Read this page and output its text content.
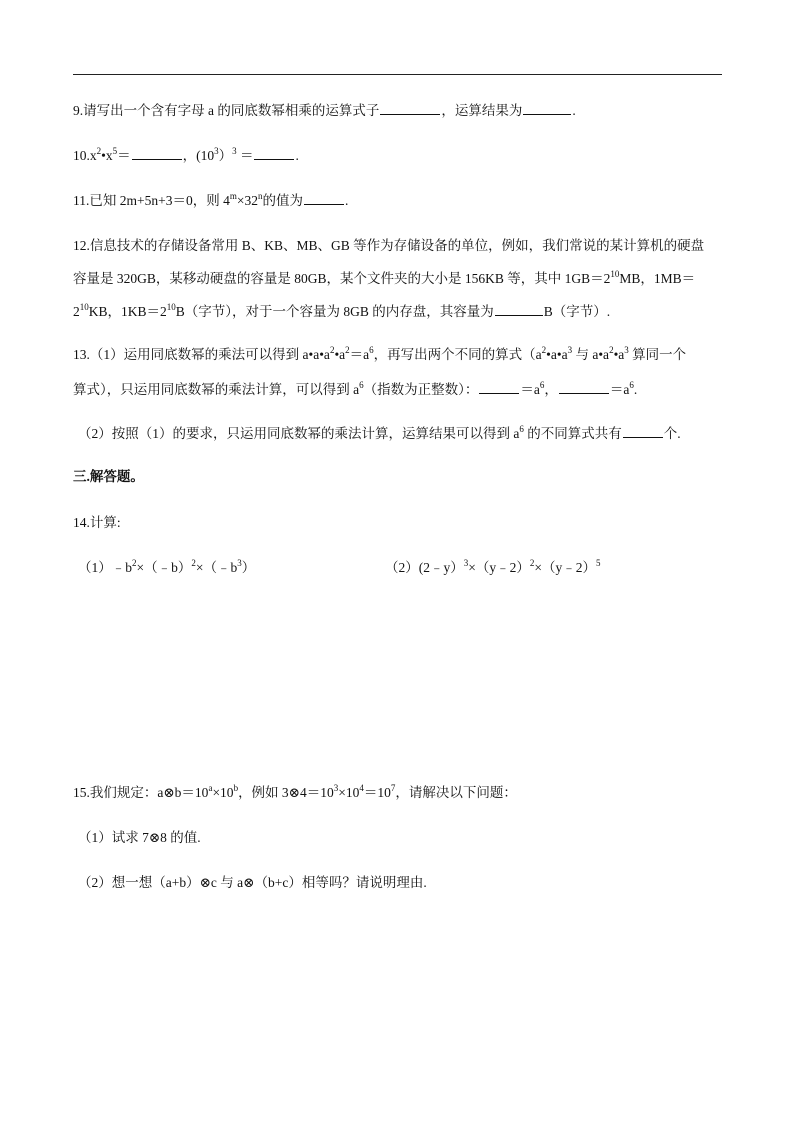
9.请写出一个含有字母 a 的同底数幂相乘的运算式子	，运算结果为	.
$10.x^2•x^5=$	，$(10^3)^3$ ＝	.
11.已知 2m+5n+3＝0，则 $4^m\times 32^n$的值为	.
12.信息技术的存储设备常用 B、KB、MB、GB 等作为存储设备的单位，例如，我们常说的某计算机的硬盘
容量是 320GB，某移动硬盘的容量是 80GB，某个文件夹的大小是 156KB 等，其中 $1GB=2^{10}MB$，1MB＝
$2^{10}KB$，$1KB=2^{10}B$（字节），对于一个容量为 8GB 的内存盘，其容量为	B（字节）.
13.（1）运用同底数幂的乘法可以得到 $a•a•a^2•a^2=a^6$，再写出两个不同的算式（$a^2•a•a^3$ 与 $a•a^2•a^3$ 算同一个
算式），只运用同底数幂的乘法计算，可以得到 $a^6$（指数为正整数）：	$=a^6$，	$=a^6$.
（2）按照（1）的要求，只运用同底数幂的乘法计算，运算结果可以得到 $a^6$ 的不同算式共有	个.
三.解答题。
14.计算:
$(1)﹣b^2\times(﹣b)^2\times(﹣b^3)$	（2）(2﹣y）$^3$×（y﹣2）$^2$×（y﹣2）$^5$
15.我们规定：$a\otimes b=10^a\times 10^b$，例如 $3\otimes 4=10^3\times 10^4=10^7$，请解决以下问题：
（1）试求 7⊗8 的值.
（2）想一想（a+b）⊗c 与 a⊗（b+c）相等吗？请说明理由.
